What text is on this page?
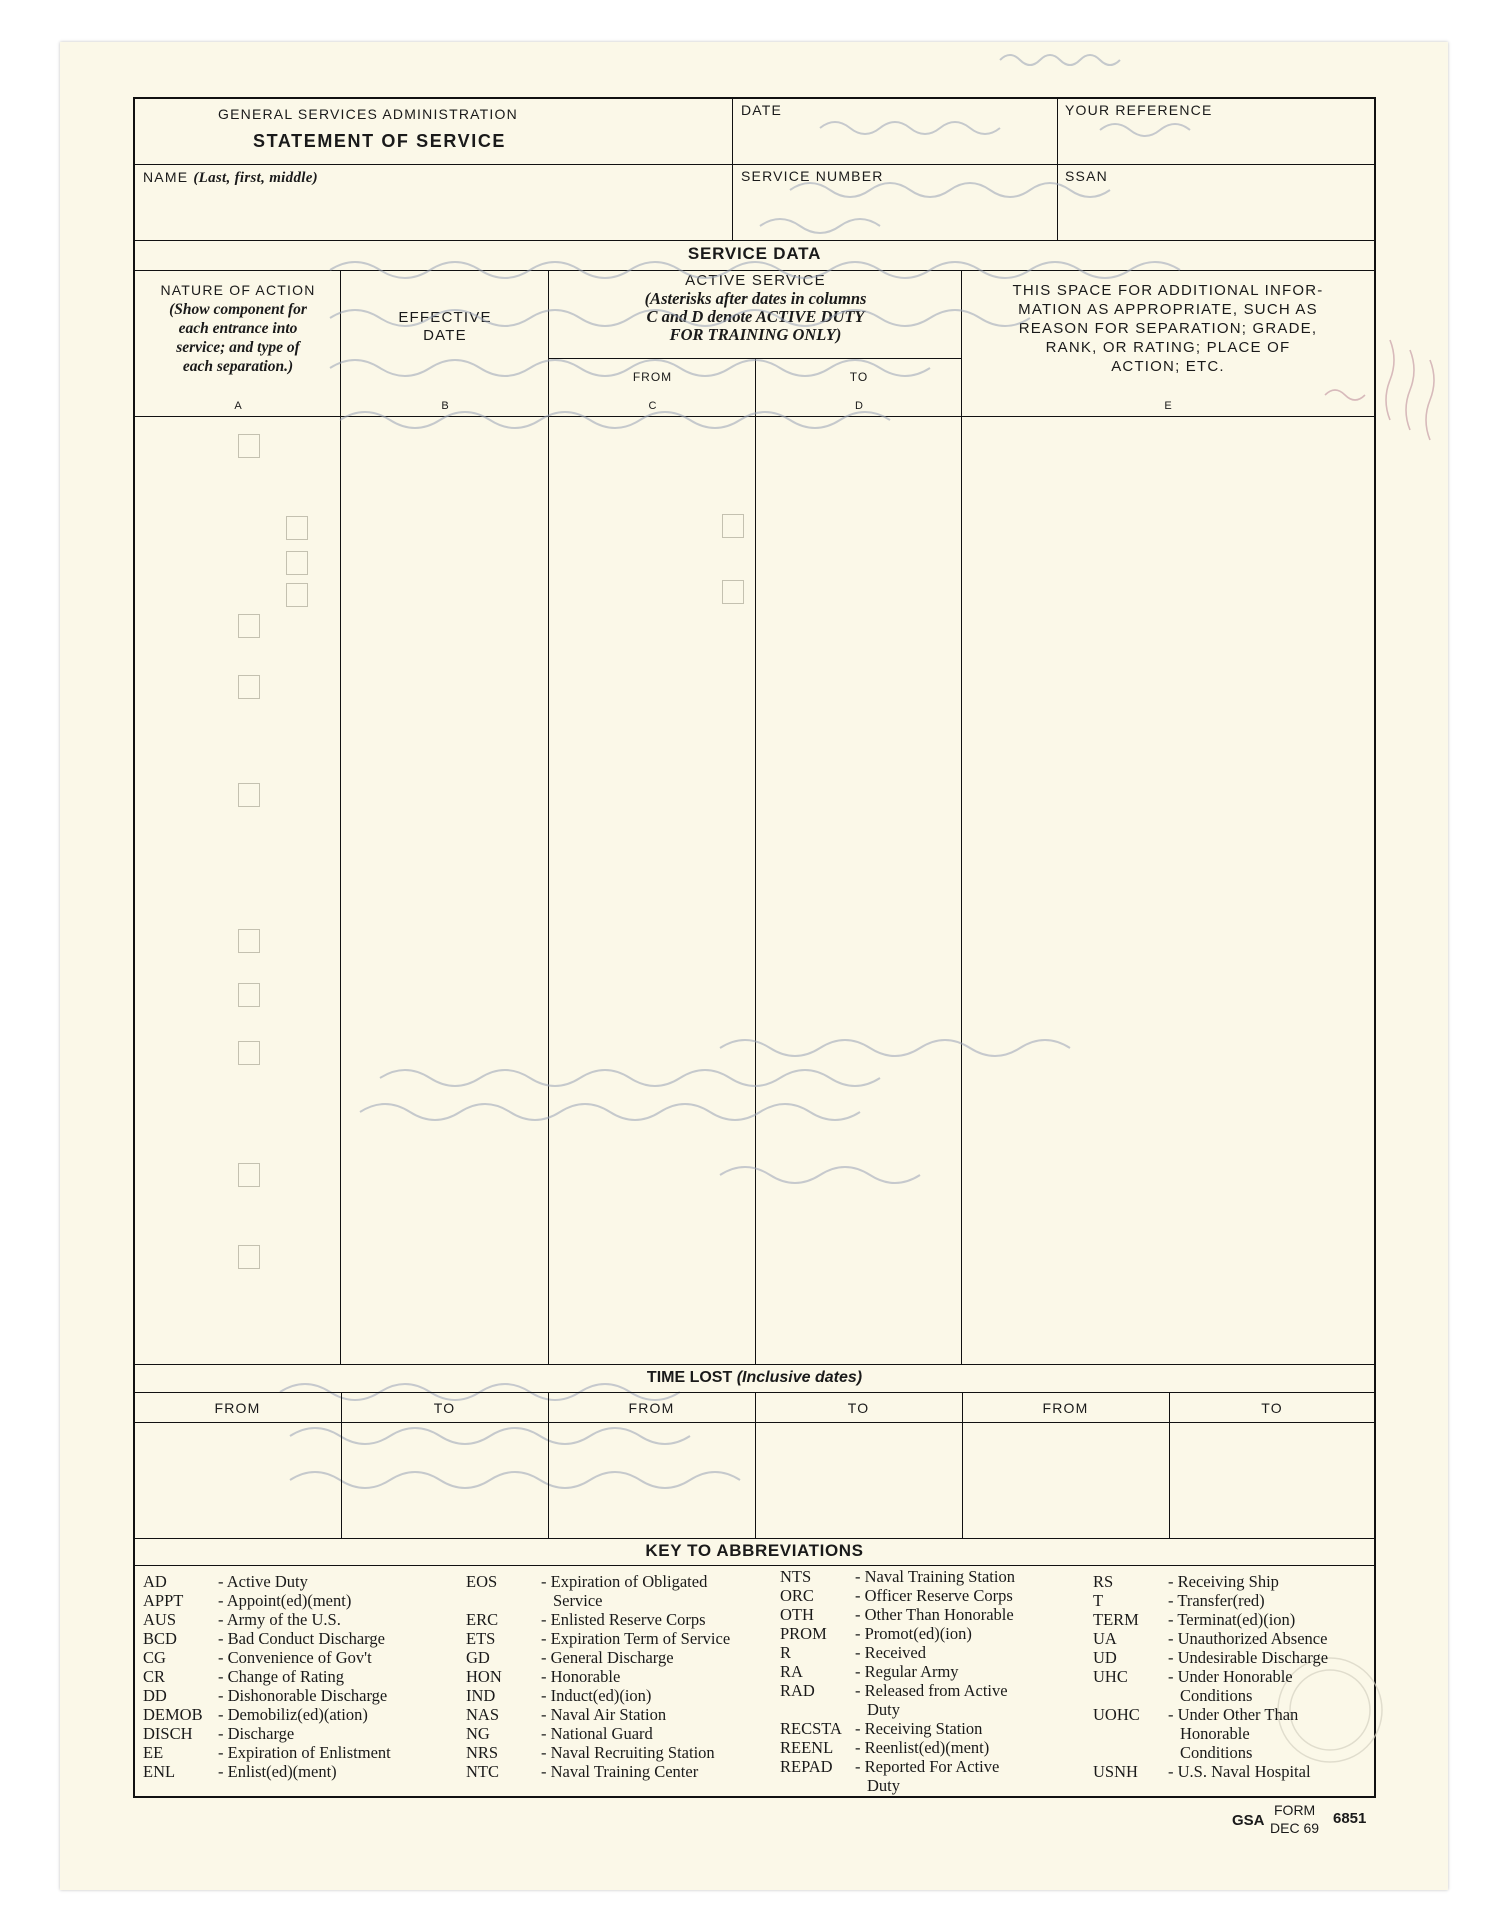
GENERAL SERVICES ADMINISTRATION
STATEMENT OF SERVICE
DATE	YOUR REFERENCE
NAME (Last, first, middle)	SERVICE NUMBER	SSAN
SERVICE DATA
NATURE OF ACTION
(Show component for
each entrance into
service; and type of
each separation.)
EFFECTIVE
DATE
ACTIVE SERVICE
(Asterisks after dates in columns
C and D denote ACTIVE DUTY
FOR TRAINING ONLY)
FROM	TO
THIS SPACE FOR ADDITIONAL INFOR-
MATION AS APPROPRIATE, SUCH AS
REASON FOR SEPARATION; GRADE,
RANK, OR RATING; PLACE OF
ACTION; ETC.
A	B	C	D	E
TIME LOST (Inclusive dates)
FROM	TO	FROM	TO	FROM	TO
KEY TO ABBREVIATIONS
AD	- Active Duty
APPT	- Appoint(ed)(ment)
AUS	- Army of the U.S.
BCD	- Bad Conduct Discharge
CG	- Convenience of Gov't
CR	- Change of Rating
DD	- Dishonorable Discharge
DEMOB - Demobiliz(ed)(ation)
DISCH	- Discharge
EE	- Expiration of Enlistment
ENL	- Enlist(ed)(ment)
EOS	- Expiration of Obligated
Service
ERC	- Enlisted Reserve Corps
ETS	- Expiration Term of Service
GD	- General Discharge
HON	- Honorable
IND	- Induct(ed)(ion)
NAS	- Naval Air Station
NG	- National Guard
NRS	- Naval Recruiting Station
NTC	- Naval Training Center
NTS	- Naval Training Station
ORC	- Officer Reserve Corps
OTH	- Other Than Honorable
PROM	- Promot(ed)(ion)
R	- Received
RA	- Regular Army
RAD	- Released from Active
Duty
RECSTA - Receiving Station
REENL	- Reenlist(ed)(ment)
REPAD	- Reported For Active
Duty
RS	- Receiving Ship
T	- Transfer(red)
TERM	- Terminat(ed)(ion)
UA	- Unauthorized Absence
UD	- Undesirable Discharge
UHC	- Under Honorable
Conditions
UOHC	- Under Other Than
Honorable
Conditions
USNH	- U.S. Naval Hospital
GSA
FORM
DEC 69
6851
